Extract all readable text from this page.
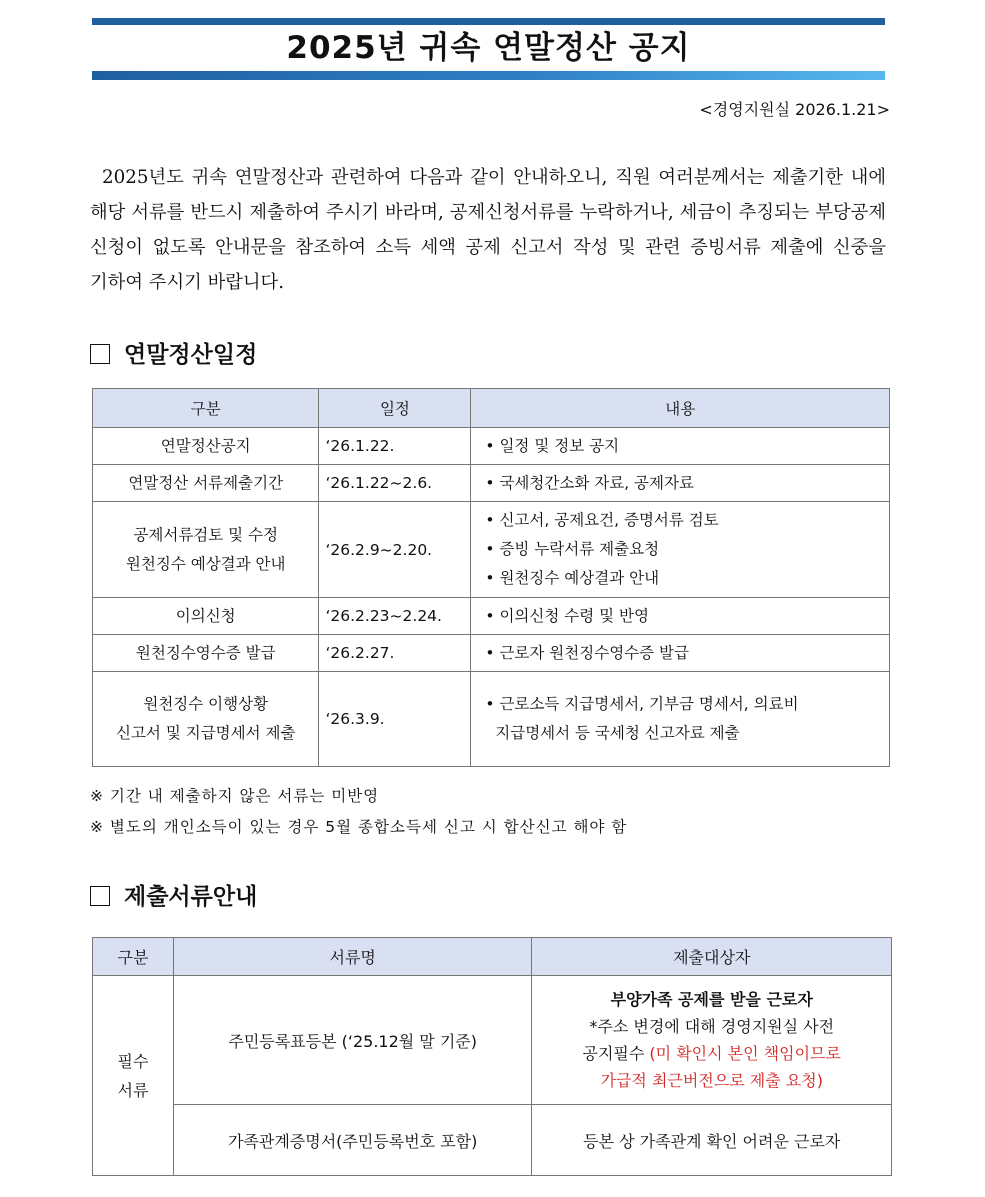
2025년 귀속 연말정산 공지
<경영지원실 2026.1.21>
2025년도 귀속 연말정산과 관련하여 다음과 같이 안내하오니, 직원 여러분께서는 제출기한 내에 해당 서류를 반드시 제출하여 주시기 바라며, 공제신청서류를 누락하거나, 세금이 추징되는 부당공제 신청이 없도록 안내문을 참조하여 소득 세액 공제 신고서 작성 및 관련 증빙서류 제출에 신중을 기하여 주시기 바랍니다.
연말정산일정
구분	일정	내용

연말정산공지	‘26.1.22.	• 일정 및 정보 공지

연말정산 서류제출기간	‘26.1.22~2.6.	• 국세청간소화 자료, 공제자료

공제서류검토 및 수정
원천징수 예상결과 안내	‘26.2.9~2.20.	• 신고서, 공제요건, 증명서류 검토
• 증빙 누락서류 제출요청
• 원천징수 예상결과 안내

이의신청	‘26.2.23~2.24.	• 이의신청 수령 및 반영

원천징수영수증 발급	‘26.2.27.	• 근로자 원천징수영수증 발급

원천징수 이행상황
신고서 및 지급명세서 제출	‘26.3.9.	• 근로소득 지급명세서, 기부금 명세서, 의료비
지급명세서 등 국세청 신고자료 제출
※ 기간 내 제출하지 않은 서류는 미반영
※ 별도의 개인소득이 있는 경우 5월 종합소득세 신고 시 합산신고 해야 함
제출서류안내
구분	서류명	제출대상자

필수
서류	주민등록표등본 (‘25.12월 말 기준)	부양가족 공제를 받을 근로자
*주소 변경에 대해 경영지원실 사전
공지필수 (미 확인시 본인 책임이므로
가급적 최근버전으로 제출 요청)

	가족관계증명서(주민등록번호 포함)	등본 상 가족관계 확인 어려운 근로자
